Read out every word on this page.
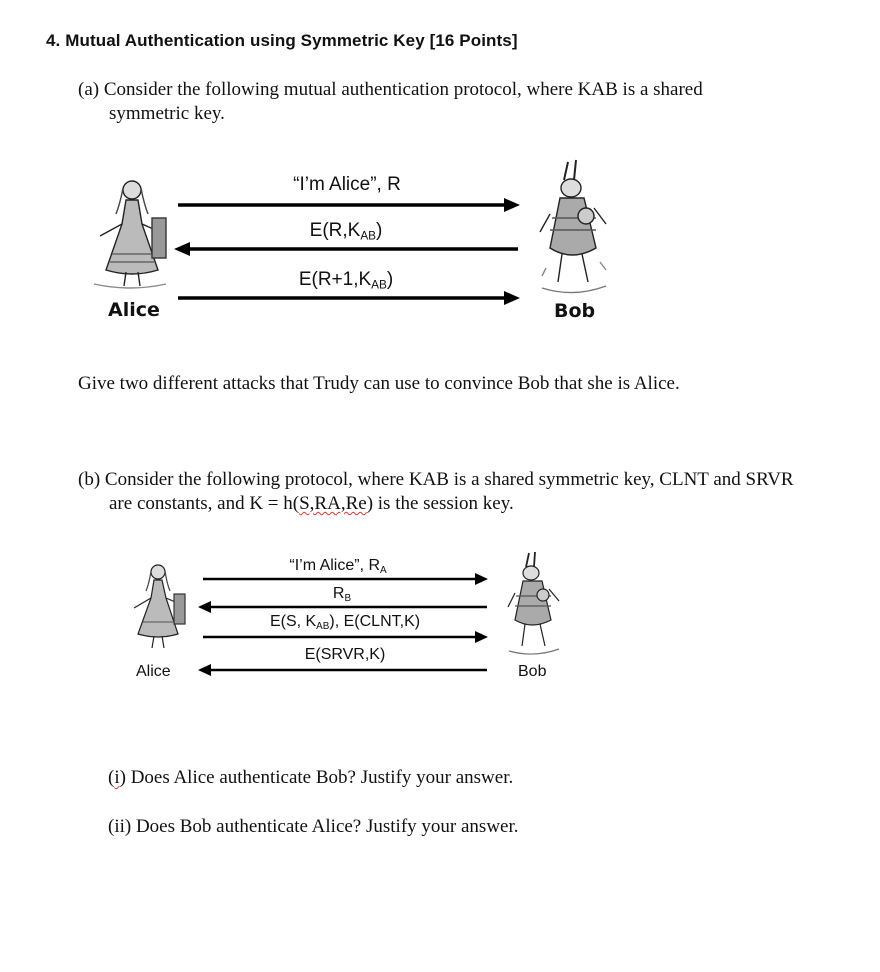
4. Mutual Authentication using Symmetric Key [16 Points]
(a) Consider the following mutual authentication protocol, where KAB is a shared symmetric key.
“I’m Alice”, R
$E(R,K_{AB})$
$E(R+1,K_{AB})$
Alice	Bob
Give two different attacks that Trudy can use to convince Bob that she is Alice.
(b) Consider the following protocol, where KAB is a shared symmetric key, CLNT and SRVR are constants, and K = h(S,RA,Re) is the session key.
“I’m Alice”, $R_A$
$R_B$
E(S, $K_{AB}$), E(CLNT,K)
E(SRVR,K)
Alice	Bob
(i) Does Alice authenticate Bob? Justify your answer.
(ii) Does Bob authenticate Alice? Justify your answer.
